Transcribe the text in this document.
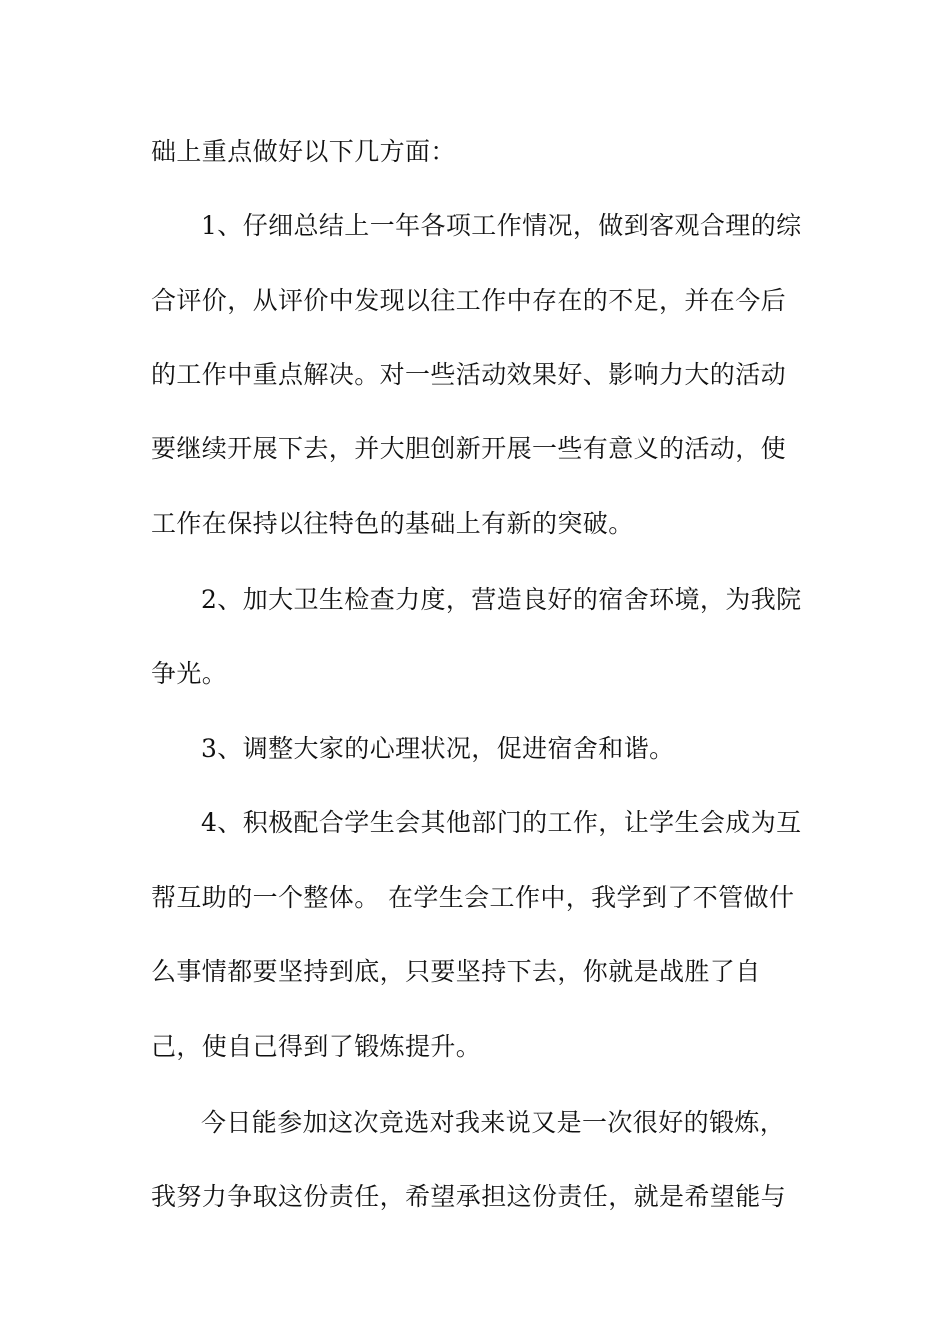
础上重点做好以下几方面：

1、仔细总结上一年各项工作情况，做到客观合理的综

合评价，从评价中发现以往工作中存在的不足，并在今后

的工作中重点解决。对一些活动效果好、影响力大的活动

要继续开展下去，并大胆创新开展一些有意义的活动，使

工作在保持以往特色的基础上有新的突破。

2、加大卫生检查力度，营造良好的宿舍环境，为我院

争光。

3、调整大家的心理状况，促进宿舍和谐。

4、积极配合学生会其他部门的工作，让学生会成为互

帮互助的一个整体。 在学生会工作中，我学到了不管做什

么事情都要坚持到底，只要坚持下去，你就是战胜了自

己，使自己得到了锻炼提升。

今日能参加这次竞选对我来说又是一次很好的锻炼，

我努力争取这份责任，希望承担这份责任，就是希望能与
